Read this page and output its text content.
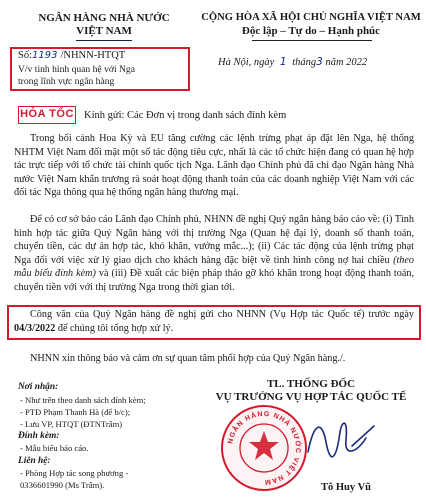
NGÂN HÀNG NHÀ NƯỚC
VIỆT NAM
CỘNG HÒA XÃ HỘI CHỦ NGHĨA VIỆT NAM
Độc lập – Tự do – Hạnh phúc
Số:1193 /NHNN-HTQT
V/v tình hình quan hệ với Nga
trong lĩnh vực ngân hàng
Hà Nội, ngày 1 tháng3 năm 2022
HỎA TỐC Kính gửi: Các Đơn vị trong danh sách đính kèm
Trong bối cảnh Hoa Kỳ và EU tăng cường các lệnh trừng phạt áp đặt lên Nga, hệ thống NHTM Việt Nam đối mặt một số tác động tiêu cực, nhất là các tổ chức hiện đang có quan hệ hợp tác trực tiếp với tổ chức tài chính quốc tịch Nga. Lãnh đạo Chính phủ đã chỉ đạo Ngân hàng Nhà nước Việt Nam khẩn trương rà soát hoạt động thanh toán của các doanh nghiệp Việt Nam với các đối tác Nga thông qua hệ thống ngân hàng thương mại.
Để có cơ sở báo cáo Lãnh đạo Chính phủ, NHNN đề nghị Quý ngân hàng báo cáo về: (i) Tình hình hợp tác giữa Quý Ngân hàng với thị trường Nga (Quan hệ đại lý, doanh số thanh toán, chuyển tiền, các dự án hợp tác, khó khăn, vướng mắc...); (ii) Các tác động của lệnh trừng phạt Nga đối với việc xử lý giao dịch cho khách hàng đặc biệt về tình hình công nợ hai chiều (theo mẫu biểu đính kèm) và (iii) Đề xuất các biện pháp tháo gỡ khó khăn trong hoạt động thanh toán, chuyển tiền với với thị trường Nga trong thời gian tới.
Công văn của Quý Ngân hàng đề nghị gửi cho NHNN (Vụ Hợp tác Quốc tế) trước ngày 04/3/2022 để chúng tôi tổng hợp xử lý.
NHNN xin thông báo và cảm ơn sự quan tâm phối hợp của Quý Ngân hàng./.
Nơi nhận:
- Như trên theo danh sách đính kèm;
- PTĐ Phạm Thanh Hà (để b/c);
- Lưu VP, HTQT (ĐTNTrâm)
Đính kèm:
- Mẫu biểu báo cáo.
Liên hệ:
- Phòng Hợp tác song phương -
0336601990 (Ms Trâm).
TL. THỐNG ĐỐC
VỤ TRƯỞNG VỤ HỢP TÁC QUỐC TẾ
NGÂN HÀNG NHÀ NƯỚC VIỆT NAM
Tô Huy Vũ
